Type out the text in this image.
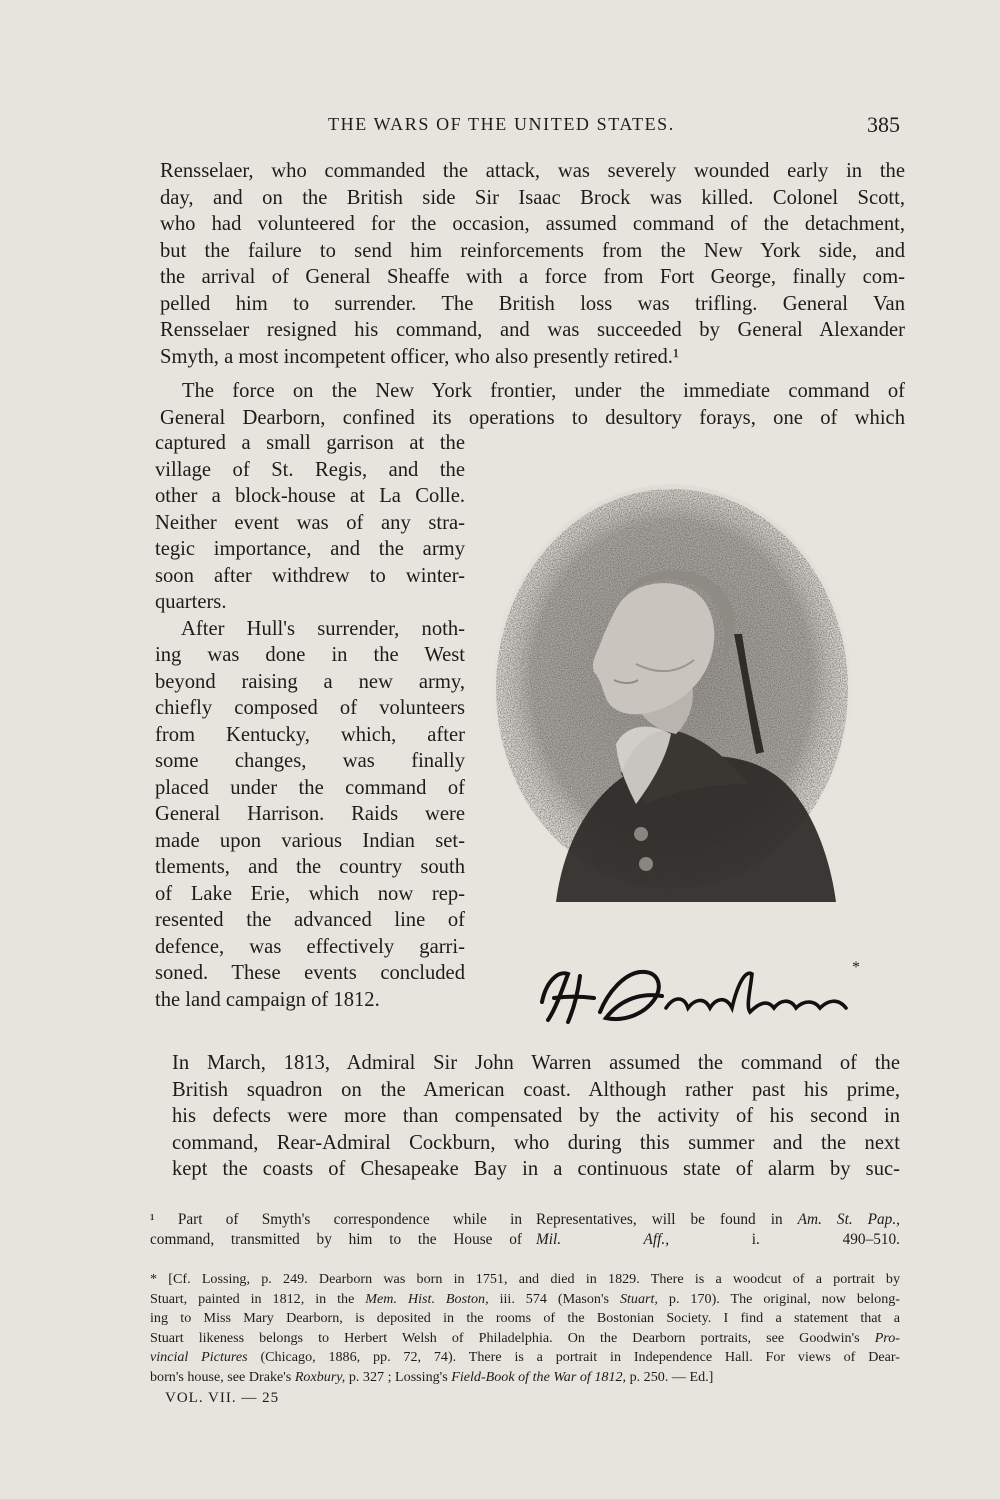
THE WARS OF THE UNITED STATES.	385

Rensselaer, who commanded the attack, was severely wounded early in the
day, and on the British side Sir Isaac Brock was killed. Colonel Scott,
who had volunteered for the occasion, assumed command of the detachment,
but the failure to send him reinforcements from the New York side, and
the arrival of General Sheaffe with a force from Fort George, finally com-
pelled him to surrender. The British loss was trifling. General Van
Rensselaer resigned his command, and was succeeded by General Alexander
Smyth, a most incompetent officer, who also presently retired.¹

The force on the New York frontier, under the immediate command of
General Dearborn, confined its operations to desultory forays, one of which

captured a small garrison at the
village of St. Regis, and the
other a block-house at La Colle.
Neither event was of any stra-
tegic importance, and the army
soon after withdrew to winter-
quarters.
After Hull's surrender, noth-
ing was done in the West
beyond raising a new army,
chiefly composed of volunteers
from Kentucky, which, after
some changes, was finally
placed under the command of
General Harrison. Raids were
made upon various Indian set-
tlements, and the country south
of Lake Erie, which now rep-
resented the advanced line of
defence, was effectively garri-
soned. These events concluded
the land campaign of 1812.
*

In March, 1813, Admiral Sir John Warren assumed the command of the
British squadron on the American coast. Although rather past his prime,
his defects were more than compensated by the activity of his second in
command, Rear-Admiral Cockburn, who during this summer and the next
kept the coasts of Chesapeake Bay in a continuous state of alarm by suc-

¹ Part of Smyth's correspondence while in
command, transmitted by him to the House of
Representatives, will be found in Am. St. Pap.,
Mil. Aff., i. 490–510.
* [Cf. Lossing, p. 249. Dearborn was born in 1751, and died in 1829. There is a woodcut of a portrait by
Stuart, painted in 1812, in the Mem. Hist. Boston, iii. 574 (Mason's Stuart, p. 170). The original, now belong-
ing to Miss Mary Dearborn, is deposited in the rooms of the Bostonian Society. I find a statement that a
Stuart likeness belongs to Herbert Welsh of Philadelphia. On the Dearborn portraits, see Goodwin's Pro-
vincial Pictures (Chicago, 1886, pp. 72, 74). There is a portrait in Independence Hall. For views of Dear-
born's house, see Drake's Roxbury, p. 327 ; Lossing's Field-Book of the War of 1812, p. 250. — Ed.]
VOL. VII. — 25
